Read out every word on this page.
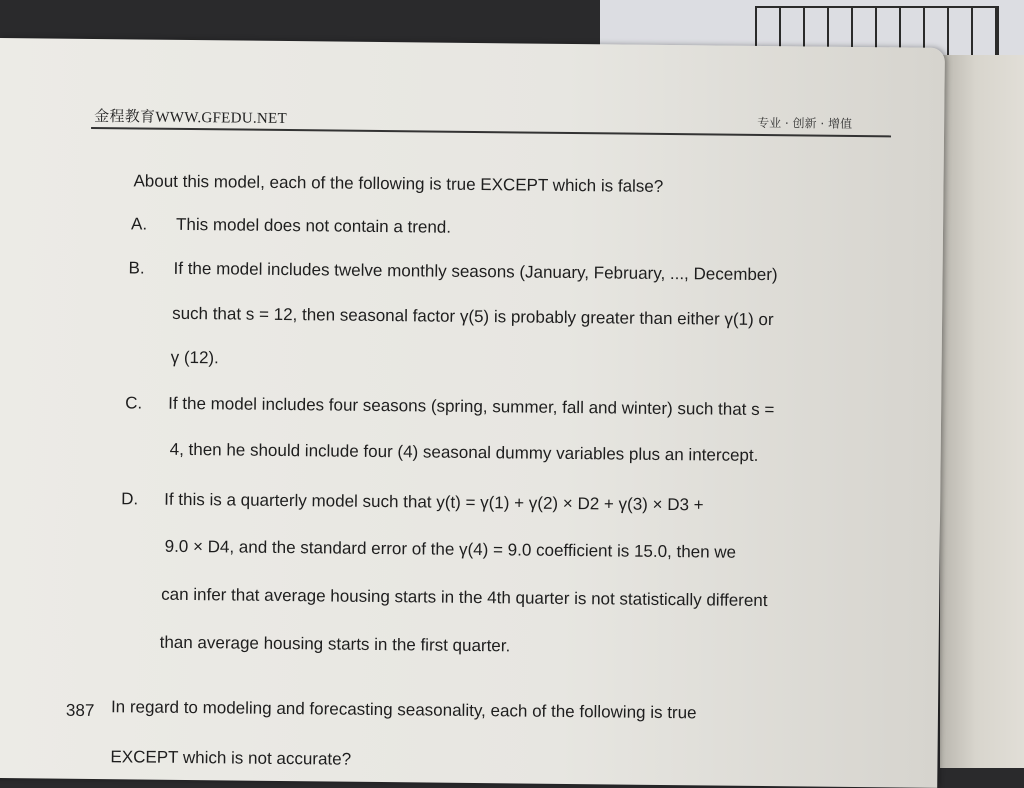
金程教育WWW.GFEDU.NET	专业 · 创新 · 增值
About this model, each of the following is true EXCEPT which is false?
A. This model does not contain a trend.
B. If the model includes twelve monthly seasons (January, February, ..., December)
such that s = 12, then seasonal factor γ(5) is probably greater than either γ(1) or
γ (12).
C. If the model includes four seasons (spring, summer, fall and winter) such that s =
4, then he should include four (4) seasonal dummy variables plus an intercept.
D. If this is a quarterly model such that y(t) = γ(1) + γ(2) × D2 + γ(3) × D3 +
9.0 × D4, and the standard error of the γ(4) = 9.0 coefficient is 15.0, then we
can infer that average housing starts in the 4th quarter is not statistically different
than average housing starts in the first quarter.
387 In regard to modeling and forecasting seasonality, each of the following is true
EXCEPT which is not accurate?
